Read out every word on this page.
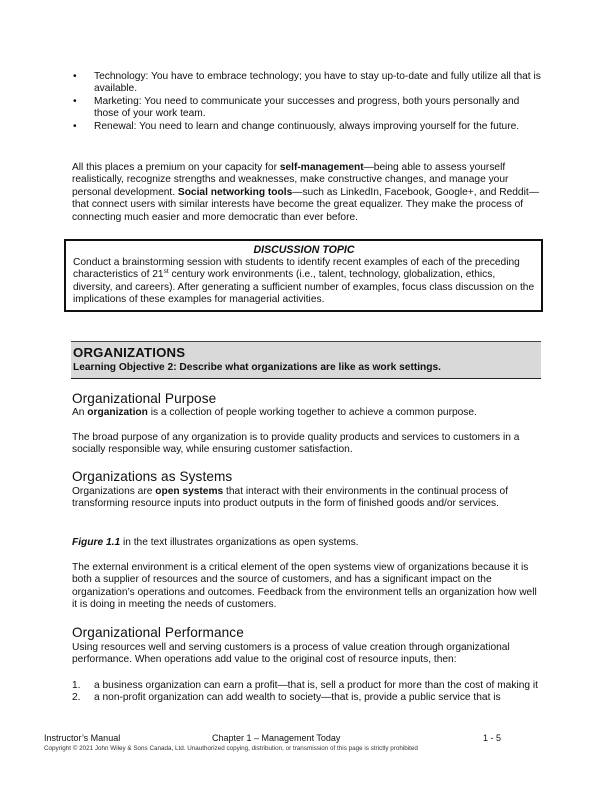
• Technology: You have to embrace technology; you have to stay up-to-date and fully utilize all that is available.
• Marketing: You need to communicate your successes and progress, both yours personally and those of your work team.
• Renewal: You need to learn and change continuously, always improving yourself for the future.

All this places a premium on your capacity for self-management—being able to assess yourself realistically, recognize strengths and weaknesses, make constructive changes, and manage your personal development. Social networking tools—such as LinkedIn, Facebook, Google+, and Reddit—that connect users with similar interests have become the great equalizer. They make the process of connecting much easier and more democratic than ever before.

DISCUSSION TOPIC

Conduct a brainstorming session with students to identify recent examples of each of the preceding characteristics of 21st century work environments (i.e., talent, technology, globalization, ethics, diversity, and careers). After generating a sufficient number of examples, focus class discussion on the implications of these examples for managerial activities.

ORGANIZATIONS
Learning Objective 2: Describe what organizations are like as work settings.
Organizational Purpose

An organization is a collection of people working together to achieve a common purpose.

The broad purpose of any organization is to provide quality products and services to customers in a socially responsible way, while ensuring customer satisfaction.

Organizations as Systems

Organizations are open systems that interact with their environments in the continual process of transforming resource inputs into product outputs in the form of finished goods and/or services.

Figure 1.1 in the text illustrates organizations as open systems.

The external environment is a critical element of the open systems view of organizations because it is both a supplier of resources and the source of customers, and has a significant impact on the organization’s operations and outcomes. Feedback from the environment tells an organization how well it is doing in meeting the needs of customers.

Organizational Performance

Using resources well and serving customers is a process of value creation through organizational performance. When operations add value to the original cost of resource inputs, then:

1. a business organization can earn a profit—that is, sell a product for more than the cost of making it
2. a non-profit organization can add wealth to society—that is, provide a public service that is
Instructor’s Manual	Chapter 1 – Management Today	1 - 5
Copyright © 2021 John Wiley & Sons Canada, Ltd. Unauthorized copying, distribution, or transmission of this page is strictly prohibited
